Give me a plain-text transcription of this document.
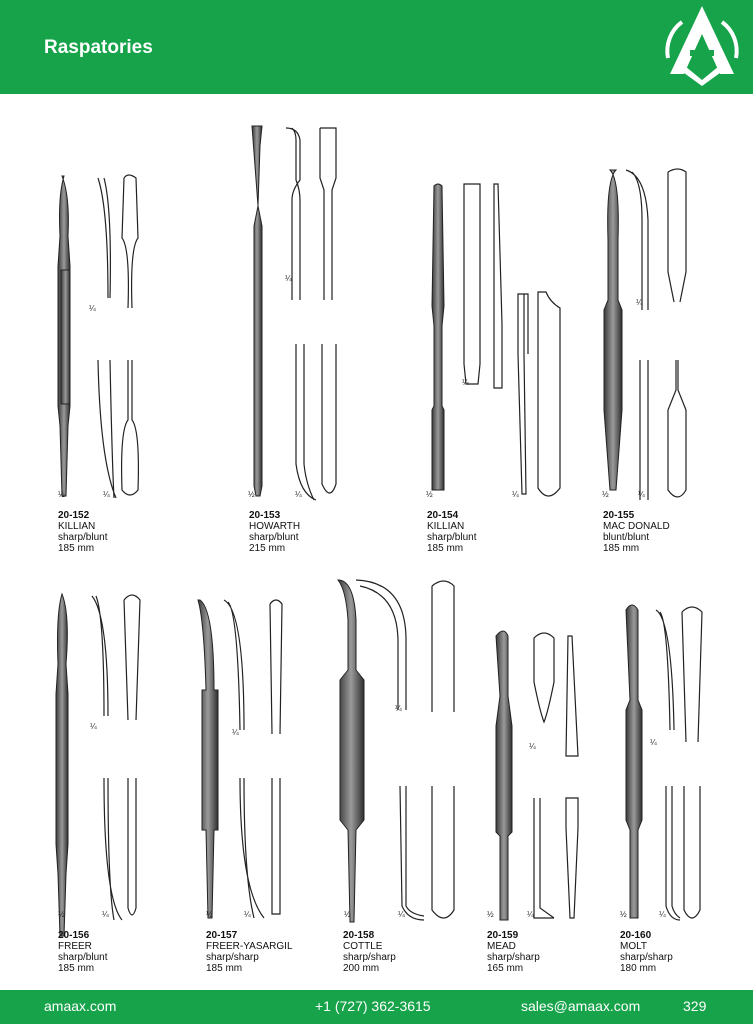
Raspatories
¼
½	¼
¼
½	¼
¼
½	¼
¼
½	¼
¼
½	¼
¼
½	¼
¼
½	¼
¼
½	¼
¼
½	¼
20-152
KILLIAN
sharp/blunt
185 mm
20-153
HOWARTH
sharp/blunt
215 mm
20-154
KILLIAN
sharp/blunt
185 mm
20-155
MAC DONALD
blunt/blunt
185 mm
20-156
FREER
sharp/blunt
185 mm
20-157
FREER-YASARGIL
sharp/sharp
185 mm
20-158
COTTLE
sharp/sharp
200 mm
20-159
MEAD
sharp/sharp
165 mm
20-160
MOLT
sharp/sharp
180 mm
amaax.com	+1 (727) 362-3615	sales@amaax.com	329
